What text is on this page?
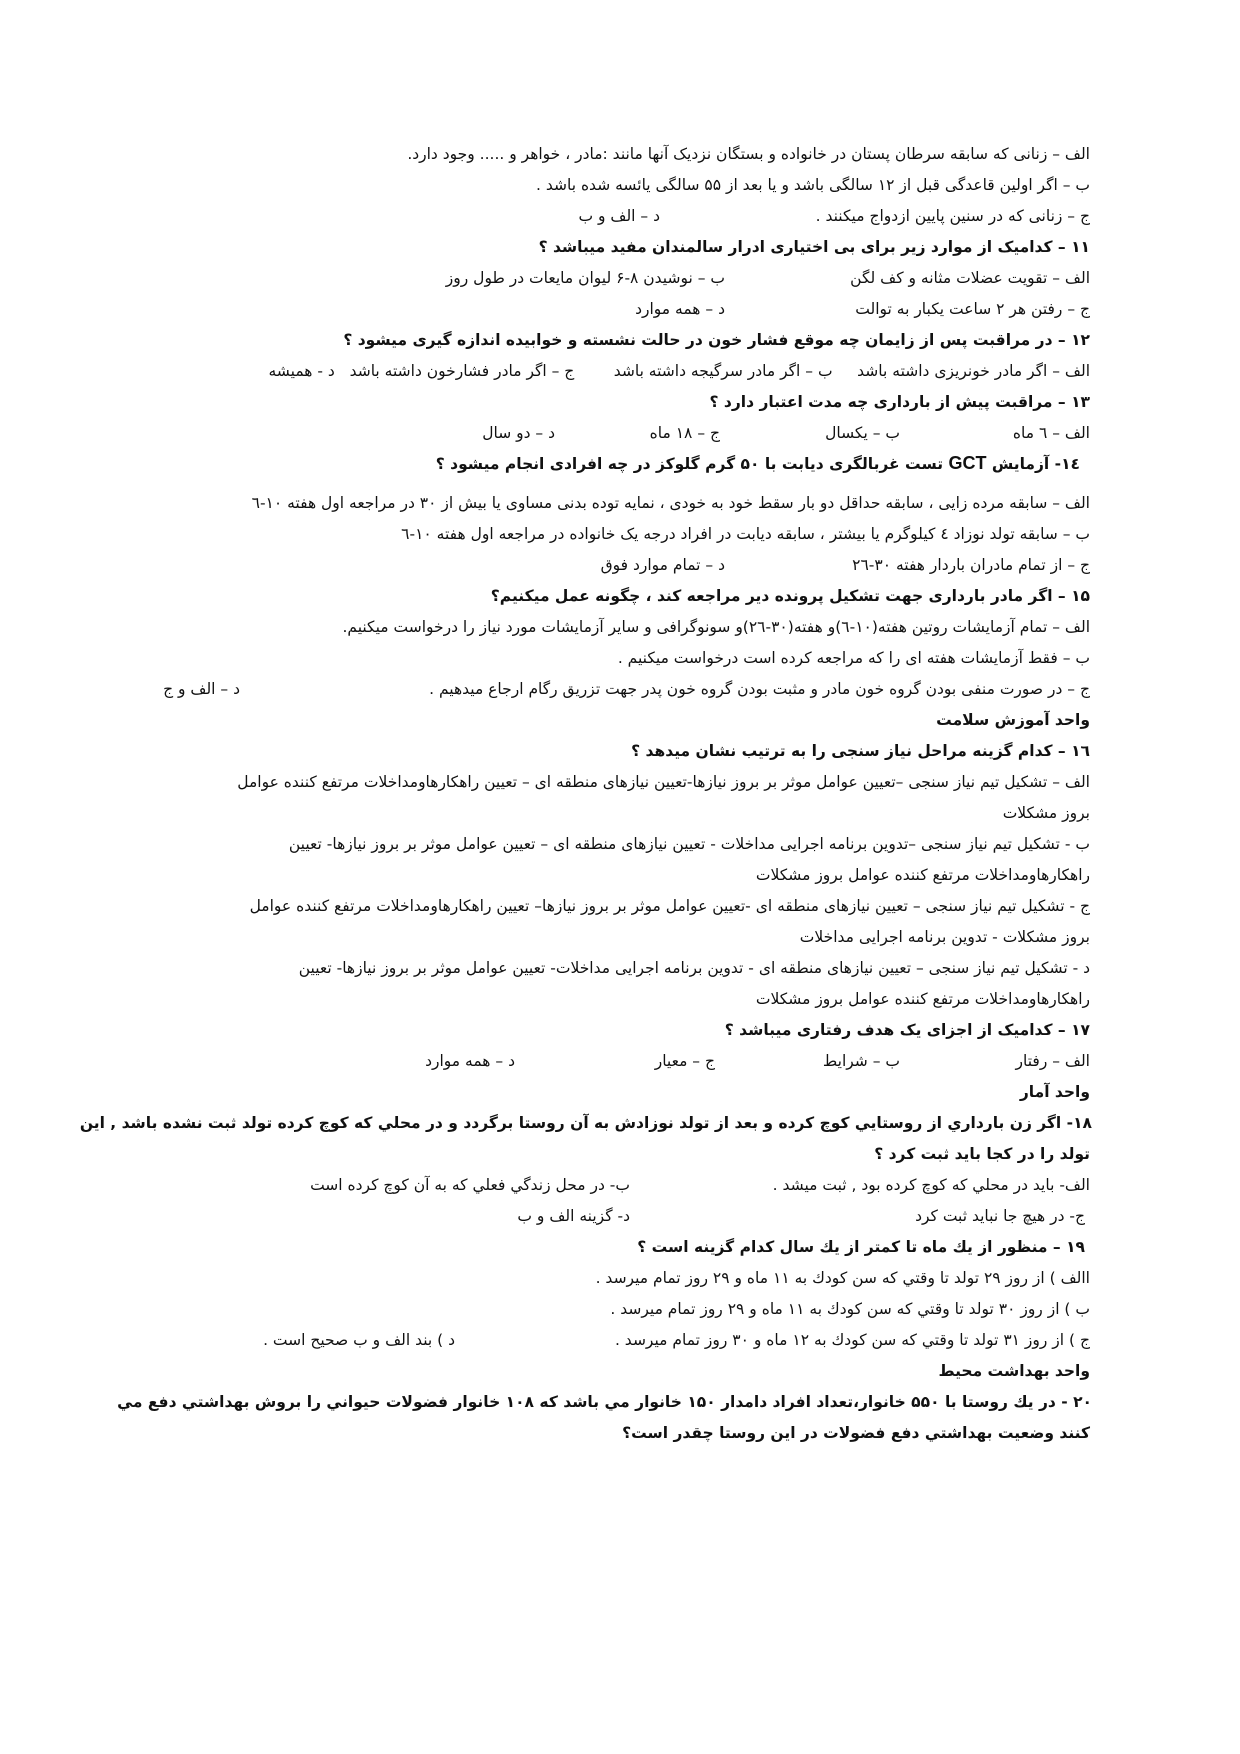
الف – زنانی که سابقه سرطان پستان در خانواده و بستگان نزدیک آنها مانند :مادر ، خواهر و ..... وجود دارد.
ب – اگر اولین قاعدگی قبل از ۱۲ سالگی باشد و یا بعد از ۵۵ سالگی یائسه شده باشد .
ج – زنانی که در سنین پایین ازدواج میکنند .
د – الف و ب
۱۱ – کدامیک از موارد زیر برای بی اختیاری ادرار سالمندان مفید میباشد ؟
الف – تقویت عضلات مثانه و کف لگن
ب – نوشیدن ۸-۶ لیوان مایعات در طول روز
ج – رفتن هر ۲ ساعت یکبار به توالت
د – همه موارد
۱۲ – در مراقبت پس از زایمان چه موقع فشار خون در حالت نشسته و خوابیده اندازه گیری میشود ؟
الف – اگر مادر خونریزی داشته باشد     ب – اگر مادر سرگیجه داشته باشد        ج – اگر مادر فشارخون داشته باشد   د - همیشه
۱۳ – مراقبت پیش از بارداری چه مدت اعتبار دارد ؟
الف – ٦ ماه
ب – یکسال
ج – ۱۸ ماه
د – دو سال
۱٤- آزمایش GCT تست غربالگری دیابت با ۵۰ گرم گلوکز در چه افرادی انجام میشود ؟
الف – سابقه مرده زایی ، سابقه حداقل دو بار سقط خود به خودی ، نمایه توده بدنی مساوی یا بیش از ۳۰ در مراجعه اول هفته ۱۰-٦
ب – سابقه تولد نوزاد ٤ کیلوگرم یا بیشتر ، سابقه دیابت در افراد درجه یک خانواده در مراجعه اول هفته ۱۰-٦
ج – از تمام مادران باردار هفته ۳۰-۲٦
د – تمام موارد فوق
۱۵ – اگر مادر بارداری جهت تشکیل پرونده دیر مراجعه کند ، چگونه عمل میکنیم؟
الف – تمام آزمایشات روتین هفته(۱۰-٦)و هفته(۳۰-۲٦)و سونوگرافی و سایر آزمایشات مورد نیاز را درخواست میکنیم.
ب – فقط آزمایشات هفته ای را که مراجعه کرده است درخواست میکنیم .
ج – در صورت منفی بودن گروه خون مادر و مثبت بودن گروه خون پدر جهت تزریق رگام ارجاع میدهیم .
د – الف و ج
واحد آموزش سلامت
۱٦ – کدام گزینه مراحل نیاز سنجی را به ترتیب نشان میدهد ؟
الف – تشکیل تیم نیاز سنجی –تعیین عوامل موثر بر بروز نیازها-تعیین نیازهای منطقه ای – تعیین راهکارهاومداخلات مرتفع کننده عوامل
بروز مشکلات
ب - تشکیل تیم نیاز سنجی –تدوین برنامه اجرایی مداخلات - تعیین نیازهای منطقه ای – تعیین عوامل موثر بر بروز نیازها- تعیین
راهکارهاومداخلات مرتفع کننده عوامل بروز مشکلات
ج - تشکیل تیم نیاز سنجی – تعیین نیازهای منطقه ای -تعیین عوامل موثر بر بروز نیازها– تعیین راهکارهاومداخلات مرتفع کننده عوامل
بروز مشکلات - تدوین برنامه اجرایی مداخلات
د - تشکیل تیم نیاز سنجی – تعیین نیازهای منطقه ای - تدوین برنامه اجرایی مداخلات- تعیین عوامل موثر بر بروز نیازها- تعیین
راهکارهاومداخلات مرتفع کننده عوامل بروز مشکلات
۱۷ – کدامیک از اجزای یک هدف رفتاری میباشد ؟
الف – رفتار
ب – شرایط
ج – معیار
د – همه موارد
واحد آمار
۱۸- اگر زن بارداري از روستايي كوچ كرده و بعد از تولد نوزادش به آن روستا برگردد و در محلي كه كوچ كرده تولد ثبت نشده باشد , اين
تولد را در كجا بايد ثبت كرد ؟
الف- بايد در محلي كه كوچ كرده بود , ثبت ميشد .
ب- در محل زندگي فعلي كه به آن كوچ كرده است
ج- در هيچ جا نبايد ثبت كرد
د- گزينه الف و ب
۱۹ – منظور از يك ماه تا كمتر از يك سال كدام گزينه است ؟
االف ) از روز ۲۹ تولد تا وقتي كه سن كودك به ۱۱ ماه و ۲۹ روز تمام ميرسد .
ب ) از روز ۳۰ تولد تا وقتي كه سن كودك به ۱۱ ماه و ۲۹ روز تمام ميرسد .
ج ) از روز ۳۱ تولد تا وقتي كه سن كودك به ۱۲ ماه و ۳۰ روز تمام ميرسد .
د ) بند الف و ب صحيح است .
واحد بهداشت محیط
۲۰ - در يك روستا با ۵۵۰ خانوار،تعداد افراد دامدار ۱۵۰ خانوار مي باشد كه ۱۰۸ خانوار فضولات حيواني را بروش بهداشتي دفع مي
كنند وضعيت بهداشتي دفع فضولات در اين روستا چقدر است؟
